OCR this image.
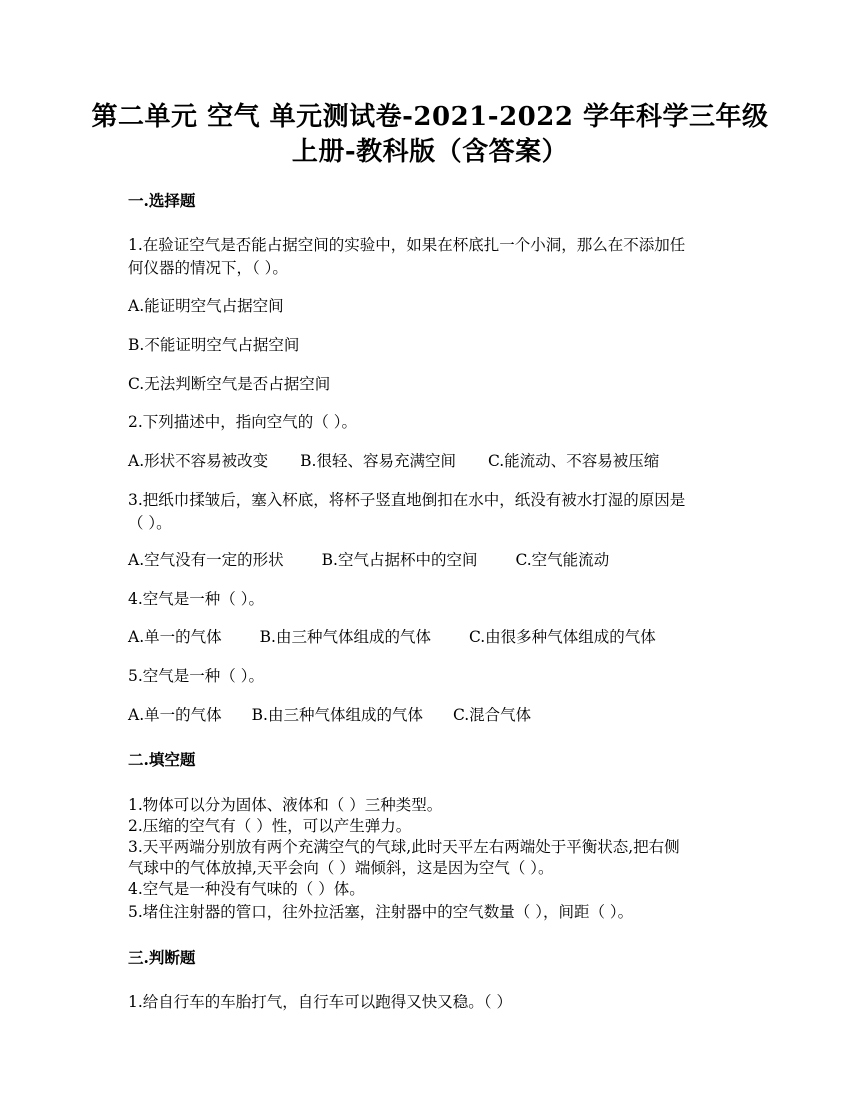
第二单元 空气 单元测试卷-2021-2022 学年科学三年级
上册-教科版（含答案）
一.选择题
1.在验证空气是否能占据空间的实验中，如果在杯底扎一个小洞，那么在不添加任
何仪器的情况下，（ ）。
A.能证明空气占据空间
B.不能证明空气占据空间
C.无法判断空气是否占据空间
2.下列描述中，指向空气的（ ）。
A.形状不容易被改变 B.很轻、容易充满空间 C.能流动、不容易被压缩
3.把纸巾揉皱后，塞入杯底，将杯子竖直地倒扣在水中，纸没有被水打湿的原因是
（ ）。
A.空气没有一定的形状 B.空气占据杯中的空间 C.空气能流动
4.空气是一种（ ）。
A.单一的气体 B.由三种气体组成的气体 C.由很多种气体组成的气体
5.空气是一种（ ）。
A.单一的气体 B.由三种气体组成的气体 C.混合气体
二.填空题
1.物体可以分为固体、液体和（ ）三种类型。
2.压缩的空气有（ ）性，可以产生弹力。
3.天平两端分别放有两个充满空气的气球,此时天平左右两端处于平衡状态,把右侧
气球中的气体放掉,天平会向（ ）端倾斜，这是因为空气（ ）。
4.空气是一种没有气味的（ ）体。
5.堵住注射器的管口，往外拉活塞，注射器中的空气数量（ ），间距（ ）。
三.判断题
1.给自行车的车胎打气，自行车可以跑得又快又稳。（ ）
